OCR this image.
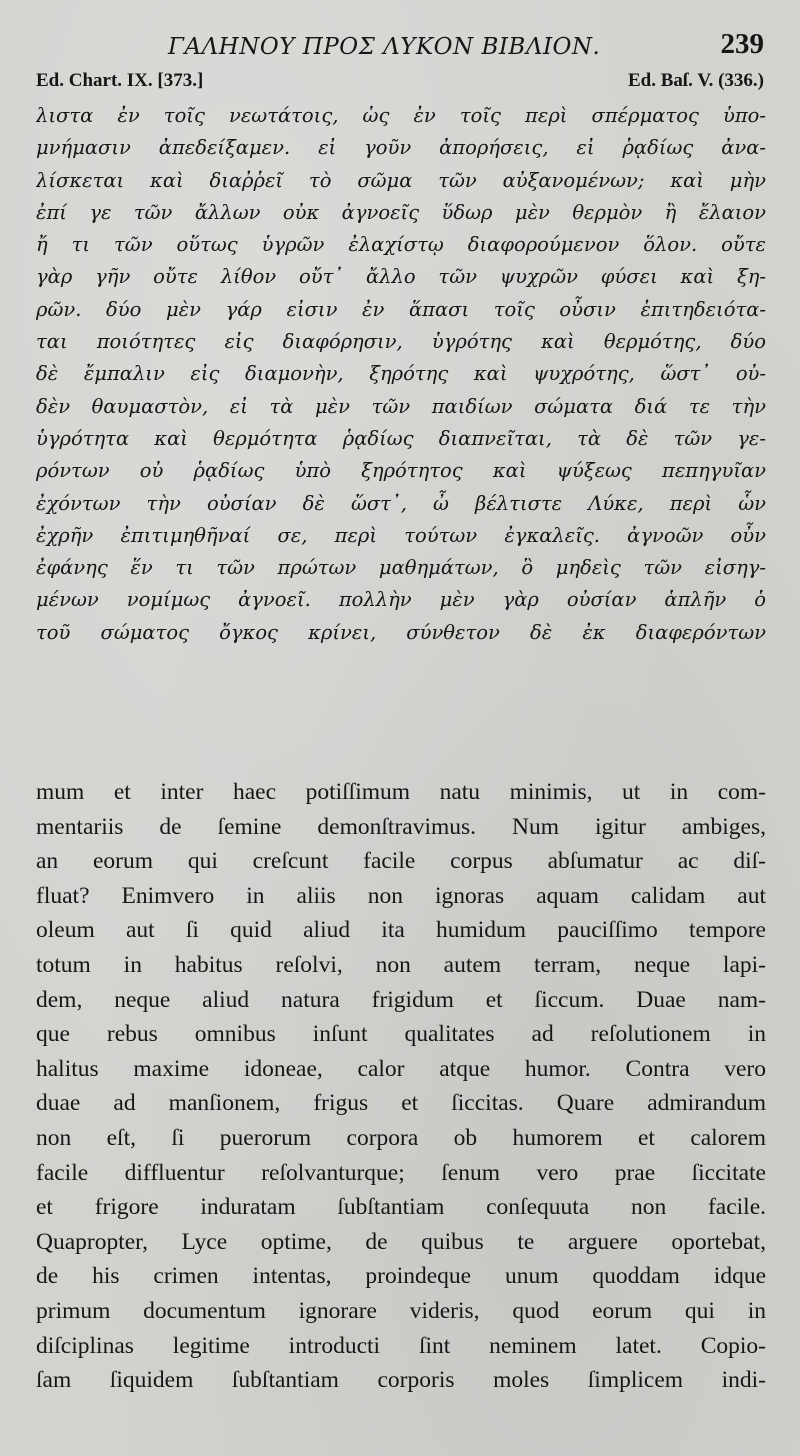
ΓΑΛΗΝΟΥ ΠΡΟΣ ΛΥΚΟΝ ΒΙΒΛΙΟΝ.	239
Ed. Chart. IX. [373.]	Ed. Baſ. V. (336.)
λιστα ἐν τοῖς νεωτάτοις, ὡς ἐν τοῖς περὶ σπέρματος ὑπο-
μνήμασιν ἀπεδείξαμεν. εἰ γοῦν ἀπορήσεις, εἰ ῥᾳδίως ἀνα-
λίσκεται καὶ διαῤῥεῖ τὸ σῶμα τῶν αὐξανομένων; καὶ μὴν
ἐπί γε τῶν ἄλλων οὐκ ἀγνοεῖς ὕδωρ μὲν θερμὸν ἢ ἔλαιον
ἤ τι τῶν οὕτως ὑγρῶν ἐλαχίστῳ διαφορούμενον ὅλον. οὔτε
γὰρ γῆν οὔτε λίθον οὔτ᾽ ἄλλο τῶν ψυχρῶν φύσει καὶ ξη-
ρῶν. δύο μὲν γάρ εἰσιν ἐν ἅπασι τοῖς οὖσιν ἐπιτηδειότα-
ται ποιότητες εἰς διαφόρησιν, ὑγρότης καὶ θερμότης, δύο
δὲ ἔμπαλιν εἰς διαμονὴν, ξηρότης καὶ ψυχρότης, ὥστ᾽ οὐ-
δὲν θαυμαστὸν, εἰ τὰ μὲν τῶν παιδίων σώματα διά τε τὴν
ὑγρότητα καὶ θερμότητα ῥᾳδίως διαπνεῖται, τὰ δὲ τῶν γε-
ρόντων οὐ ῥᾳδίως ὑπὸ ξηρότητος καὶ ψύξεως πεπηγυῖαν
ἐχόντων τὴν οὐσίαν δὲ ὥστ᾽, ὦ βέλτιστε Λύκε, περὶ ὧν
ἐχρῆν ἐπιτιμηθῆναί σε, περὶ τούτων ἐγκαλεῖς. ἀγνοῶν οὖν
ἐφάνης ἕν τι τῶν πρώτων μαθημάτων, ὃ μηδεὶς τῶν εἰσηγ-
μένων νομίμως ἀγνοεῖ. πολλὴν μὲν γὰρ οὐσίαν ἁπλῆν ὁ
τοῦ σώματος ὄγκος κρίνει, σύνθετον δὲ ἐκ διαφερόντων
mum et inter haec potiſſimum natu minimis, ut in com-
mentariis de ſemine demonſtravimus. Num igitur ambiges,
an eorum qui creſcunt facile corpus abſumatur ac diſ-
fluat? Enimvero in aliis non ignoras aquam calidam aut
oleum aut ſi quid aliud ita humidum pauciſſimo tempore
totum in habitus reſolvi, non autem terram, neque lapi-
dem, neque aliud natura frigidum et ſiccum. Duae nam-
que rebus omnibus inſunt qualitates ad reſolutionem in
halitus maxime idoneae, calor atque humor. Contra vero
duae ad manſionem, frigus et ſiccitas. Quare admirandum
non eſt, ſi puerorum corpora ob humorem et calorem
facile diffluentur reſolvanturque; ſenum vero prae ſiccitate
et frigore induratam ſubſtantiam conſequuta non facile.
Quapropter, Lyce optime, de quibus te arguere oportebat,
de his crimen intentas, proindeque unum quoddam idque
primum documentum ignorare videris, quod eorum qui in
diſciplinas legitime introducti ſint neminem latet. Copio-
ſam ſiquidem ſubſtantiam corporis moles ſimplicem indi-
